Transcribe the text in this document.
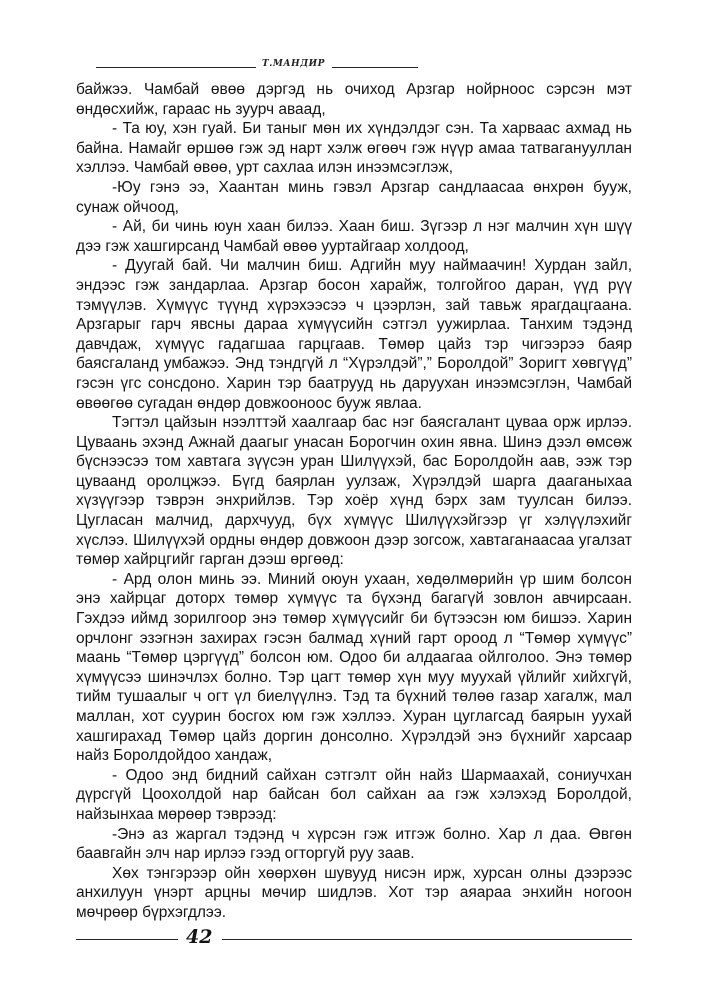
Т.МАНДИР

байжээ. Чамбай өвөө дэргэд нь очиход Арзгар нойрноос сэрсэн мэт өндөсхийж, гараас нь зуурч аваад,

- Та юу, хэн гуай. Би таныг мөн их хүндэлдэг сэн. Та харваас ахмад нь байна. Намайг өршөө гэж эд нарт хэлж өгөөч гэж нүүр амаа татваганууллан хэллээ. Чамбай өвөө, урт сахлаа илэн инээмсэглэж,

-Юу гэнэ ээ, Хаантан минь гэвэл Арзгар сандлаасаа өнхрөн бууж, сунаж ойчоод,

- Ай, би чинь юун хаан билээ. Хаан биш. Зүгээр л нэг малчин хүн шүү дээ гэж хашгирсанд Чамбай өвөө ууртайгаар холдоод,

- Дуугай бай. Чи малчин биш. Адгийн муу наймаачин! Хурдан зайл, эндээс гэж зандарлаа. Арзгар босон харайж, толгойгоо даран, үүд рүү тэмүүлэв. Хүмүүс түүнд хүрэхээсээ ч цээрлэн, зай тавьж ярагдацгаана. Арзгарыг гарч явсны дараа хүмүүсийн сэтгэл уужирлаа. Танхим тэдэнд давчдаж, хүмүүс гадагшаа гарцгаав. Төмөр цайз тэр чигээрээ баяр баясгаланд умбажээ. Энд тэндгүй л “Хүрэлдэй”,” Боролдой” Зоригт хөвгүүд” гэсэн үгс сонсдоно. Харин тэр баатрууд нь даруухан инээмсэглэн, Чамбай өвөөгөө сугадан өндөр довжооноос бууж явлаа.

Тэгтэл цайзын нээлттэй хаалгаар бас нэг баясгалант цуваа орж ирлээ. Цуваань эхэнд Ажнай даагыг унасан Борогчин охин явна. Шинэ дээл өмсөж бүснээсээ том хавтага зүүсэн уран Шилүүхэй, бас Боролдойн аав, ээж тэр цуваанд оролцжээ. Бүгд баярлан уулзаж, Хүрэлдэй шарга дааганыхаа хүзүүгээр тэврэн энхрийлэв. Тэр хоёр хүнд бэрх зам туулсан билээ. Цугласан малчид, дархчууд, бүх хүмүүс Шилүүхэйгээр үг хэлүүлэхийг хүслээ. Шилүүхэй ордны өндөр довжоон дээр зогсож, хавтаганаасаа угалзат төмөр хайрцгийг гарган дээш өргөөд:

- Ард олон минь ээ. Миний оюун ухаан, хөдөлмөрийн үр шим болсон энэ хайрцаг доторх төмөр хүмүүс та бүхэнд багагүй зовлон авчирсаан. Гэхдээ иймд зорилгоор энэ төмөр хүмүүсийг би бүтээсэн юм бишээ. Харин орчлонг эзэгнэн захирах гэсэн балмад хүний гарт ороод л “Төмөр хүмүүс” маань “Төмөр цэргүүд” болсон юм. Одоо би алдаагаа ойлголоо. Энэ төмөр хүмүүсээ шинэчлэх болно. Тэр цагт төмөр хүн муу муухай үйлийг хийхгүй, тийм тушаалыг ч огт үл биелүүлнэ. Тэд та бүхний төлөө газар хагалж, мал маллан, хот суурин босгох юм гэж хэллээ. Хуран цуглагсад баярын уухай хашгирахад Төмөр цайз доргин донсолно. Хүрэлдэй энэ бүхнийг харсаар найз Боролдойдоо хандаж,

- Одоо энд бидний сайхан сэтгэлт ойн найз Шармаахай, сониучхан дүрсгүй Цоохолдой нар байсан бол сайхан аа гэж хэлэхэд Боролдой, найзынхаа мөрөөр тэврээд:

-Энэ аз жаргал тэдэнд ч хүрсэн гэж итгэж болно. Хар л даа. Өвгөн баавгайн элч нар ирлээ гээд огторгуй руу заав.

Хөх тэнгэрээр ойн хөөрхөн шувууд нисэн ирж, хурсан олны дээрээс анхилуун үнэрт арцны мөчир шидлэв. Хот тэр аяараа энхийн ногоон мөчрөөр бүрхэгдлээ.

42
